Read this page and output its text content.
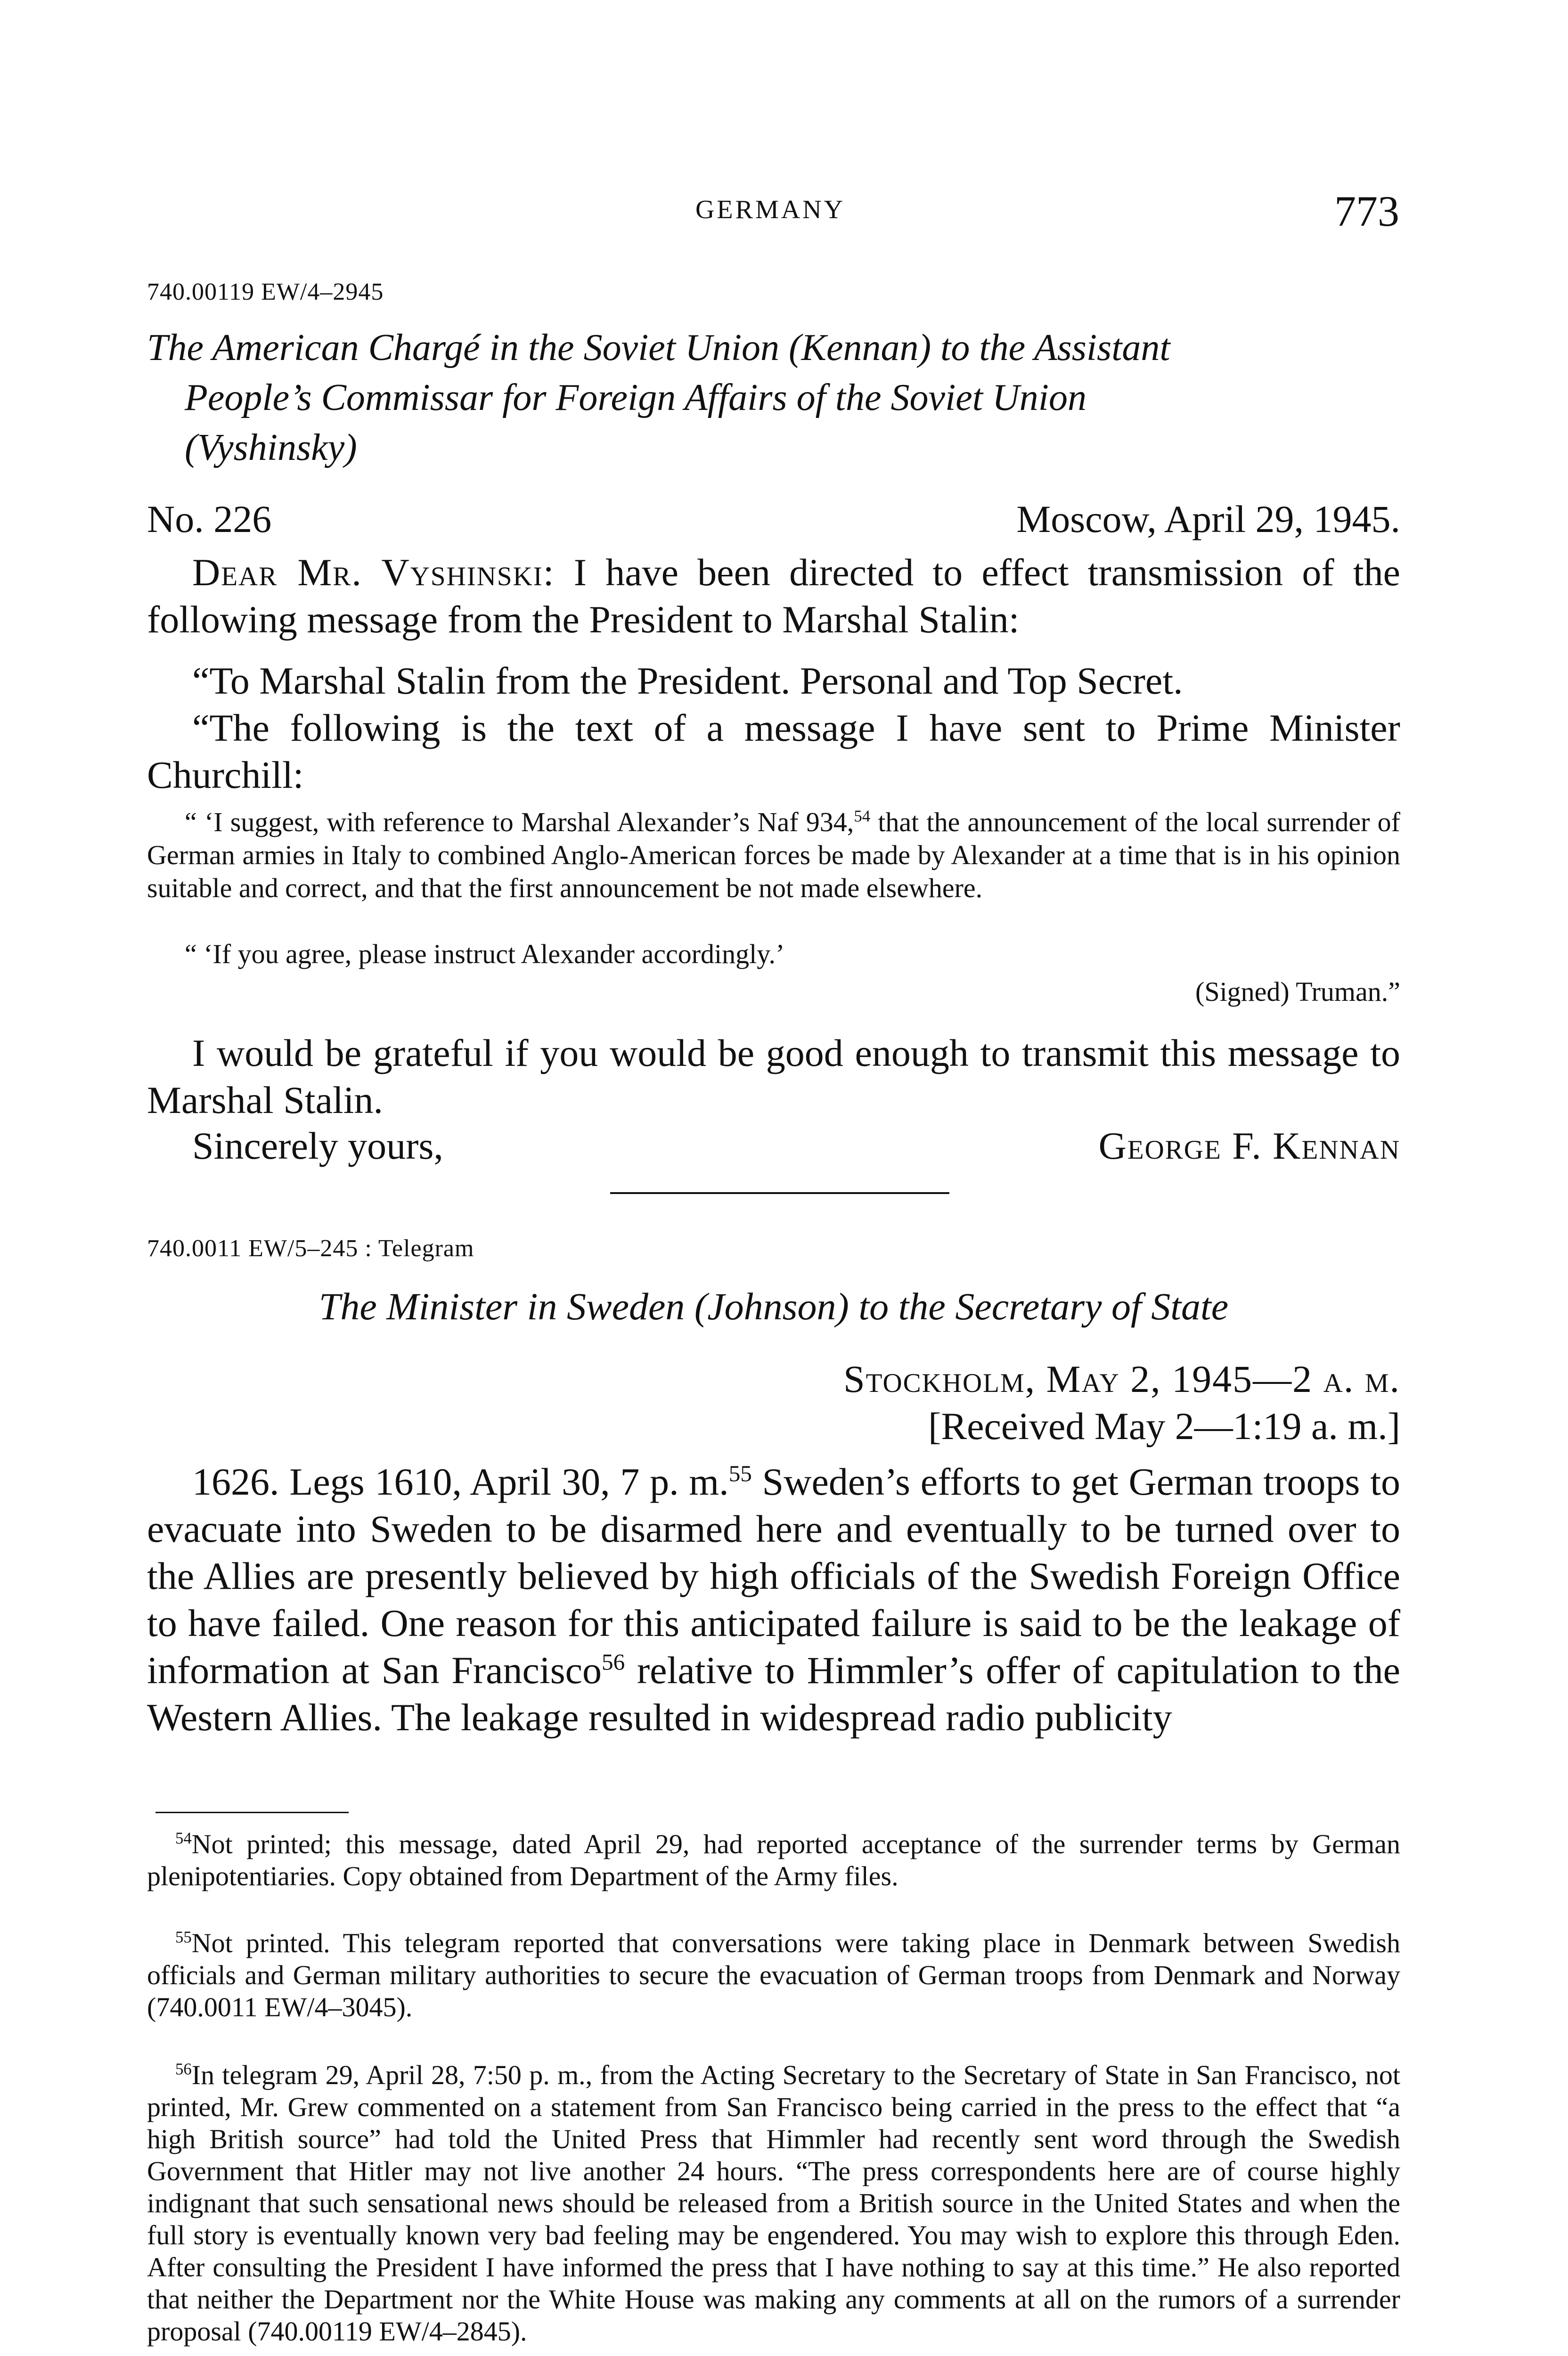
GERMANY	773
740.00119 EW/4–2945
The American Chargé in the Soviet Union (Kennan) to the Assistant
People’s Commissar for Foreign Affairs of the Soviet Union
(Vyshinsky)
No. 226	Moscow, April 29, 1945.
Dear Mr. Vyshinski: I have been directed to effect transmission of the following message from the President to Marshal Stalin:
“To Marshal Stalin from the President. Personal and Top Secret.
“The following is the text of a message I have sent to Prime Minister Churchill:
“ ‘I suggest, with reference to Marshal Alexander’s Naf 934,54 that the announcement of the local surrender of German armies in Italy to combined Anglo-American forces be made by Alexander at a time that is in his opinion suitable and correct, and that the first announcement be not made elsewhere.
“ ‘If you agree, please instruct Alexander accordingly.’
(Signed) Truman.”
I would be grateful if you would be good enough to transmit this message to Marshal Stalin.
Sincerely yours,	George F. Kennan
740.0011 EW/5–245 : Telegram
The Minister in Sweden (Johnson) to the Secretary of State
Stockholm, May 2, 1945—2 a. m.
[Received May 2—1:19 a. m.]
1626. Legs 1610, April 30, 7 p. m.$^{55}$ Sweden’s efforts to get German troops to evacuate into Sweden to be disarmed here and eventually to be turned over to the Allies are presently believed by high officials of the Swedish Foreign Office to have failed. One reason for this anticipated failure is said to be the leakage of information at San Francisco$^{56}$ relative to Himmler’s offer of capitulation to the Western Allies. The leakage resulted in widespread radio publicity
$^{54}$Not printed; this message, dated April 29, had reported acceptance of the surrender terms by German plenipotentiaries. Copy obtained from Department of the Army files.
$^{55}$Not printed. This telegram reported that conversations were taking place in Denmark between Swedish officials and German military authorities to secure the evacuation of German troops from Denmark and Norway (740.0011 EW/4–3045).
$^{56}$In telegram 29, April 28, 7:50 p. m., from the Acting Secretary to the Secretary of State in San Francisco, not printed, Mr. Grew commented on a statement from San Francisco being carried in the press to the effect that “a high British source” had told the United Press that Himmler had recently sent word through the Swedish Government that Hitler may not live another 24 hours. “The press correspondents here are of course highly indignant that such sensational news should be released from a British source in the United States and when the full story is eventually known very bad feeling may be engendered. You may wish to explore this through Eden. After consulting the President I have informed the press that I have nothing to say at this time.” He also reported that neither the Department nor the White House was making any comments at all on the rumors of a surrender proposal (740.00119 EW/4–2845).
